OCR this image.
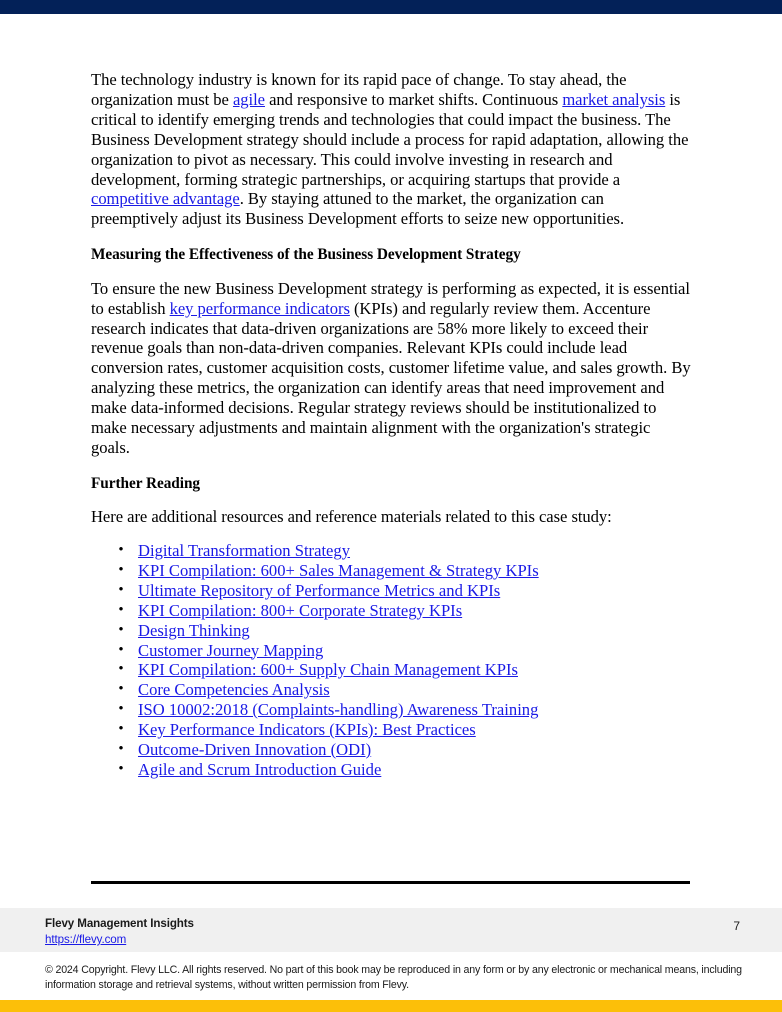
The technology industry is known for its rapid pace of change. To stay ahead, the organization must be agile and responsive to market shifts. Continuous market analysis is critical to identify emerging trends and technologies that could impact the business. The Business Development strategy should include a process for rapid adaptation, allowing the organization to pivot as necessary. This could involve investing in research and development, forming strategic partnerships, or acquiring startups that provide a competitive advantage. By staying attuned to the market, the organization can preemptively adjust its Business Development efforts to seize new opportunities.

Measuring the Effectiveness of the Business Development Strategy

To ensure the new Business Development strategy is performing as expected, it is essential to establish key performance indicators (KPIs) and regularly review them. Accenture research indicates that data-driven organizations are 58% more likely to exceed their revenue goals than non-data-driven companies. Relevant KPIs could include lead conversion rates, customer acquisition costs, customer lifetime value, and sales growth. By analyzing these metrics, the organization can identify areas that need improvement and make data-informed decisions. Regular strategy reviews should be institutionalized to make necessary adjustments and maintain alignment with the organization's strategic goals.

Further Reading

Here are additional resources and reference materials related to this case study:

• Digital Transformation Strategy
• KPI Compilation: 600+ Sales Management & Strategy KPIs
• Ultimate Repository of Performance Metrics and KPIs
• KPI Compilation: 800+ Corporate Strategy KPIs
• Design Thinking
• Customer Journey Mapping
• KPI Compilation: 600+ Supply Chain Management KPIs
• Core Competencies Analysis
• ISO 10002:2018 (Complaints-handling) Awareness Training
• Key Performance Indicators (KPIs): Best Practices
• Outcome-Driven Innovation (ODI)
• Agile and Scrum Introduction Guide
Flevy Management Insights
https://flevy.com
7
© 2024 Copyright. Flevy LLC. All rights reserved. No part of this book may be reproduced in any form or by any electronic or mechanical means, including information storage and retrieval systems, without written permission from Flevy.
